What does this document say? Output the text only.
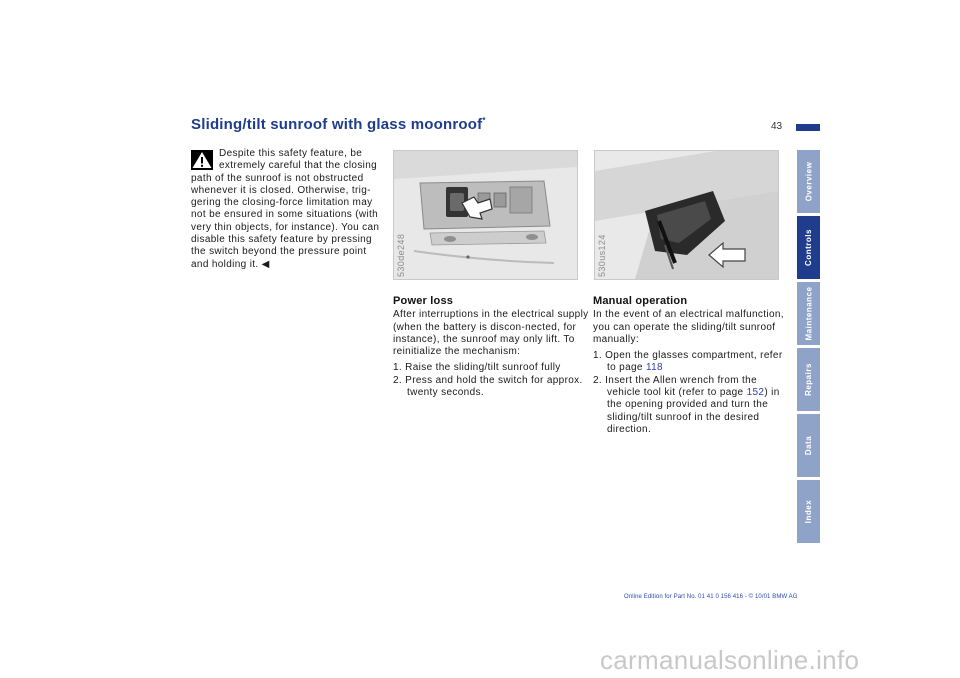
Sliding/tilt sunroof with glass moonroof*
43
Despite this safety feature, be extremely careful that the closing
path of the sunroof is not obstructed whenever it is closed. Otherwise, trig-gering the closing-force limitation may not be ensured in some situations (with very thin objects, for instance). You can disable this safety feature by pressing the switch beyond the pressure point and holding it. ◀	530de248	530us124
Power loss

After interruptions in the electrical supply (when the battery is discon-nected, for instance), the sunroof may only lift. To reinitialize the mechanism:

1. Raise the sliding/tilt sunroof fully
2. Press and hold the switch for approx. twenty seconds.
Manual operation

In the event of an electrical malfunction, you can operate the sliding/tilt sunroof manually:

1. Open the glasses compartment, refer to page 118
2. Insert the Allen wrench from the vehicle tool kit (refer to page 152) in the opening provided and turn the sliding/tilt sunroof in the desired direction.
Overview
Controls
Maintenance
Repairs
Data
Index
Online Edition for Part No. 01 41 0 156 416 - © 10/01 BMW AG
carmanualsonline.info
